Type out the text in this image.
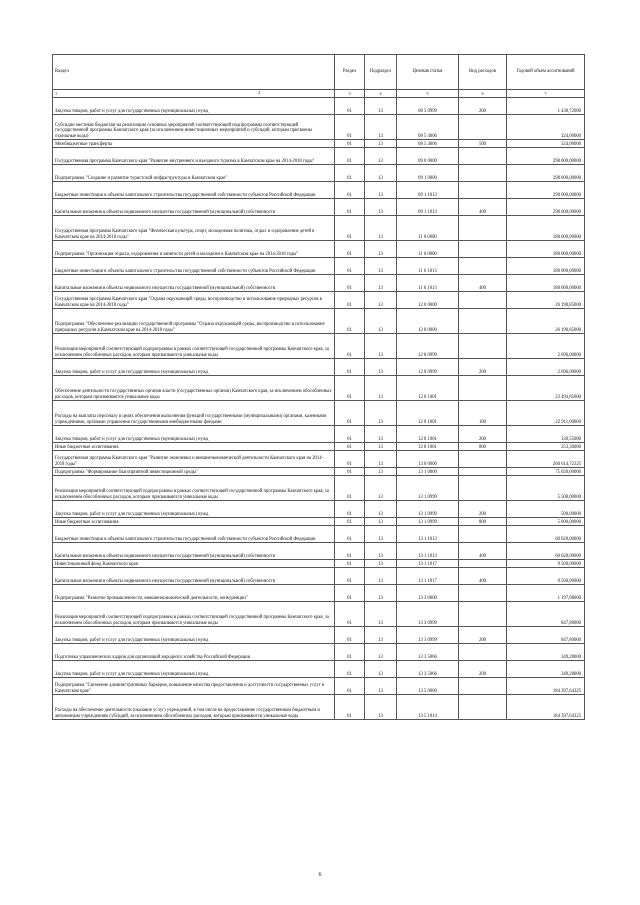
Raздел	Раздел	Подраздел	Целевая статья	Вид расходов	Годовой объем ассигнований
1	3	4	5	6	7
Закупка товаров, работ и услуг для государственных (муниципальных) нужд	01	13	08 5 0999	200	1 438,72000
Субсидии местным бюджетам на реализацию основных мероприятий соответствующей подпрограммы соответствующей государственной программы Камчатского края (за исключением инвестиционных мероприятий и субсидий, которым присвоены отдельные коды)	01	13	08 5 4006		324,00000
Межбюджетные трансферты	01	13	08 5 4006	500	324,00000
Государственная программа Камчатского края "Развитие внутреннего и въездного туризма в Камчатском крае на 2014-2018 годы"	01	13	09 0 0000		298 000,00000
Подпрограмма "Создание и развитие туристской инфраструктуры в Камчатском крае"	01	13	09 1 0000		298 000,00000
Бюджетные инвестиции в объекты капитального строительства государственной собственности субъектов Российской Федерации	01	13	09 1 1013		298 000,00000
Капитальные вложения в объекты недвижимого имущества государственной (муниципальной) собственности	01	13	09 1 1013	400	298 000,00000
Государственная программа Камчатского края "Физическая культура, спорт, молодежная политика, отдых и оздоровление детей в Камчатском крае на 2014-2018 годы"	01	13	11 0 0000		188 000,00000
Подпрограмма "Организация отдыха, оздоровления и занятости детей и молодежи в Камчатском крае на 2014-2018 годы"	01	13	11 6 0000		188 000,00000
Бюджетные инвестиции в объекты капитального строительства государственной собственности субъектов Российской Федерации	01	13	11 6 1013		188 000,00000
Капитальные вложения в объекты недвижимого имущества государственной (муниципальной) собственности	01	13	11 6 1013	400	188 000,00000
Государственная программа Камчатского края "Охрана окружающей среды, воспроизводство и использование природных ресурсов в Камчатском крае на 2014-2018 годы"	01	13	12 0 0000		26 190,85000
Подпрограмма "Обеспечение реализации государственной программы "Охрана окружающей среды, воспроизводство и использование природных ресурсов в Камчатском крае на 2014-2018 годы"	01	13	12 8 0000		26 190,85000
Реализация мероприятий соответствующей подпрограммы в рамках соответствующей государственной программы Камчатского края, за исключением обособленных расходов, которым присваиваются уникальные коды	01	13	12 8 0999		2 696,00000
Закупка товаров, работ и услуг для государственных (муниципальных) нужд	01	13	12 8 0999	200	2 696,00000
Обеспечение деятельности государственных органов власти (государственных органов) Камчатского края, за исключением обособленных расходов, которым присваиваются уникальные коды	01	13	12 8 1001		23 494,85000
Расходы на выплаты персоналу в целях обеспечения выполнения функций государственными (муниципальными) органами, казенными учреждениями, органами управления государственными внебюджетными фондами	01	13	12 8 1001	100	22 911,00000
Закупка товаров, работ и услуг для государственных (муниципальных) нужд	01	13	12 8 1001	200	330,55000
Иные бюджетные ассигнования	01	13	12 8 1001	800	253,30000
Государственная программа Камчатского края "Развитие экономики и внешнеэкономической деятельности Камчатского края на 2014-2018 годы"	01	13	13 0 0000		260 614,72325
Подпрограмма "Формирование благоприятной инвестиционной среды"	01	13	13 1 0000		75 020,00000
Реализация мероприятий соответствующей подпрограммы в рамках соответствующей государственной программы Камчатского края, за исключением обособленных расходов, которым присваиваются уникальные коды	01	13	13 1 0999		5 500,00000
Закупка товаров, работ и услуг для государственных (муниципальных) нужд	01	13	13 1 0999	200	500,00000
Иные бюджетные ассигнования	01	13	13 1 0999	800	5 000,00000
Бюджетные инвестиции в объекты капитального строительства государственной собственности субъектов Российской Федерации	01	13	13 1 1013		60 020,00000
Капитальные вложения в объекты недвижимого имущества государственной (муниципальной) собственности	01	13	13 1 1013	400	60 020,00000
Инвестиционный фонд Камчатского края	01	13	13 1 1017		9 500,00000
Капитальные вложения в объекты недвижимого имущества государственной (муниципальной) собственности	01	13	13 1 1017	400	9 500,00000
Подпрограмма "Развитие промышленности, внешнеэкономической деятельности, конкуренции"	01	13	13 3 0000		1 197,08000
Реализация мероприятий соответствующей подпрограммы в рамках соответствующей государственной программы Камчатского края, за исключением обособленных расходов, которым присваиваются уникальные коды	01	13	13 3 0999		847,80000
Закупка товаров, работ и услуг для государственных (муниципальных) нужд	01	13	13 3 0999	200	847,80000
Подготовка управленческих кадров для организаций народного хозяйства Российской Федерации	01	13	13 3 5066		349,28000
Закупка товаров, работ и услуг для государственных (муниципальных) нужд	01	13	13 3 5066	200	349,28000
Подпрограмма "Снижение административных барьеров, повышение качества предоставления и доступности государственных услуг в Камчатском крае"	01	13	13 5 0000		184 397,64325
Расходы на обеспечение деятельности (оказание услуг) учреждений, в том числе на предоставление государственным бюджетным и автономным учреждениям субсидий, за исключением обособленных расходов, которым присваиваются уникальные коды	01	13	13 5 1014		184 397,64325
2
6
